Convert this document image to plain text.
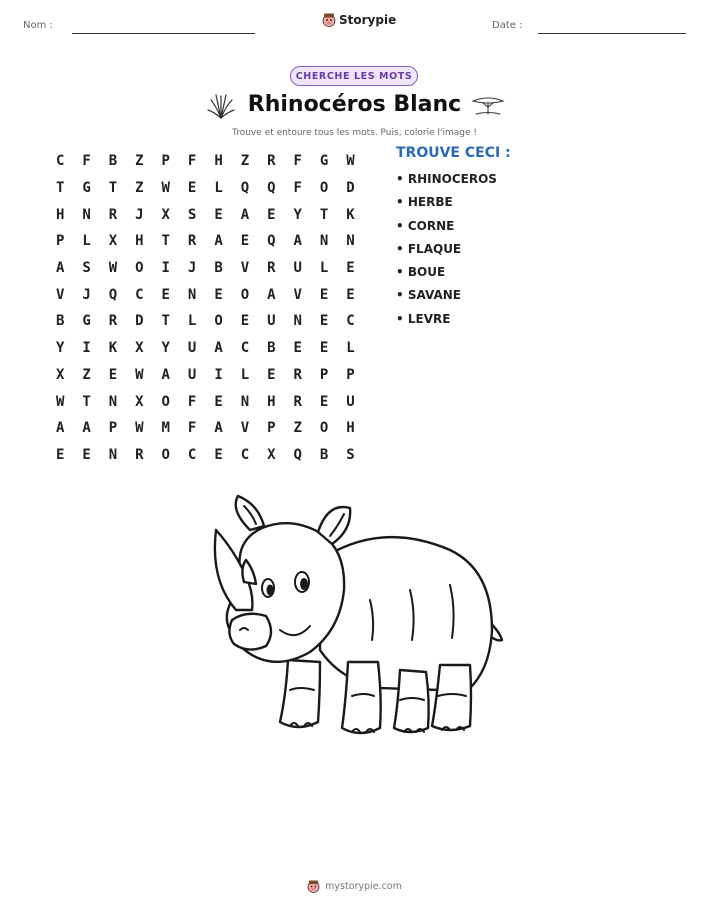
Nom :	Storypie	Date :
CHERCHE LES MOTS
Rhinocéros Blanc
Trouve et entoure tous les mots. Puis, colorie l'image !
C	F	B	Z	P	F	H	Z	R	F	G	W
T	G	T	Z	W	E	L	Q	Q	F	O	D
H	N	R	J	X	S	E	A	E	Y	T	K
P	L	X	H	T	R	A	E	Q	A	N	N
A	S	W	O	I	J	B	V	R	U	L	E
V	J	Q	C	E	N	E	O	A	V	E	E
B	G	R	D	T	L	O	E	U	N	E	C
Y	I	K	X	Y	U	A	C	B	E	E	L
X	Z	E	W	A	U	I	L	E	R	P	P
W	T	N	X	O	F	E	N	H	R	E	U
A	A	P	W	M	F	A	V	P	Z	O	H
E	E	N	R	O	C	E	C	X	Q	B	S
TROUVE CECI :
• RHINOCEROS
• HERBE
• CORNE
• FLAQUE
• BOUE
• SAVANE
• LEVRE
mystorypie.com
